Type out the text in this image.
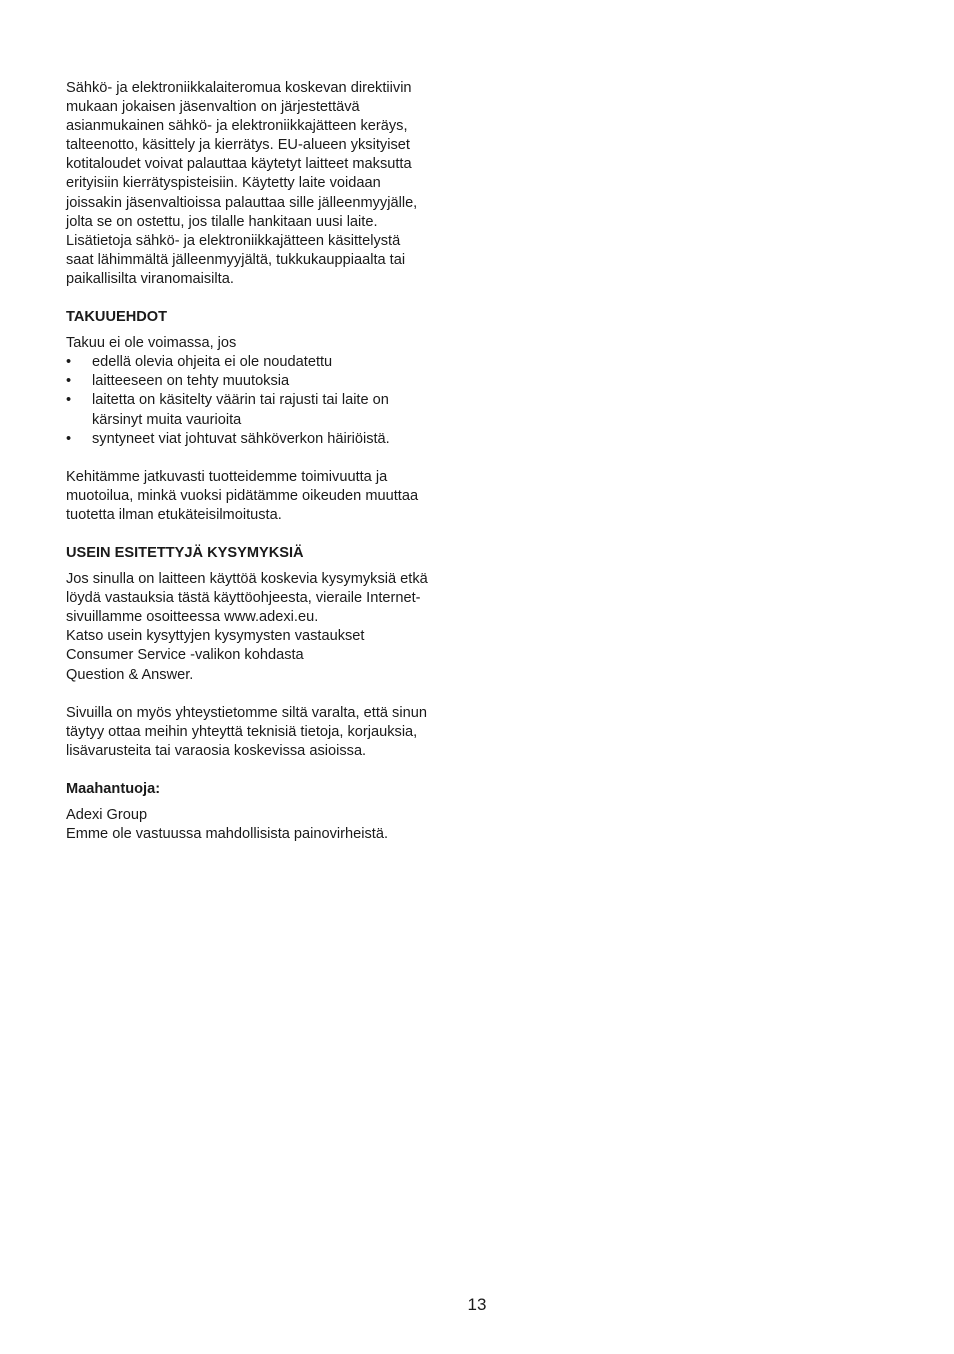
Sähkö- ja elektroniikkalaiteromua koskevan direktiivin
mukaan jokaisen jäsenvaltion on järjestettävä
asianmukainen sähkö- ja elektroniikkajätteen keräys,
talteenotto, käsittely ja kierrätys. EU-alueen yksityiset
kotitaloudet voivat palauttaa käytetyt laitteet maksutta
erityisiin kierrätyspisteisiin. Käytetty laite voidaan
joissakin jäsenvaltioissa palauttaa sille jälleenmyyjälle,
jolta se on ostettu, jos tilalle hankitaan uusi laite.
Lisätietoja sähkö- ja elektroniikkajätteen käsittelystä
saat lähimmältä jälleenmyyjältä, tukkukauppiaalta tai
paikallisilta viranomaisilta.
TAKUUEHDOT
Takuu ei ole voimassa, jos
• edellä olevia ohjeita ei ole noudatettu
• laitteeseen on tehty muutoksia
• laitetta on käsitelty väärin tai rajusti tai laite on
kärsinyt muita vaurioita
• syntyneet viat johtuvat sähköverkon häiriöistä.
Kehitämme jatkuvasti tuotteidemme toimivuutta ja
muotoilua, minkä vuoksi pidätämme oikeuden muuttaa
tuotetta ilman etukäteisilmoitusta.
USEIN ESITETTYJÄ KYSYMYKSIÄ
Jos sinulla on laitteen käyttöä koskevia kysymyksiä etkä
löydä vastauksia tästä käyttöohjeesta, vieraile Internet-
sivuillamme osoitteessa www.adexi.eu.
Katso usein kysyttyjen kysymysten vastaukset
Consumer Service -valikon kohdasta
Question & Answer.
Sivuilla on myös yhteystietomme siltä varalta, että sinun
täytyy ottaa meihin yhteyttä teknisiä tietoja, korjauksia,
lisävarusteita tai varaosia koskevissa asioissa.
Maahantuoja:
Adexi Group
Emme ole vastuussa mahdollisista painovirheistä.
13
